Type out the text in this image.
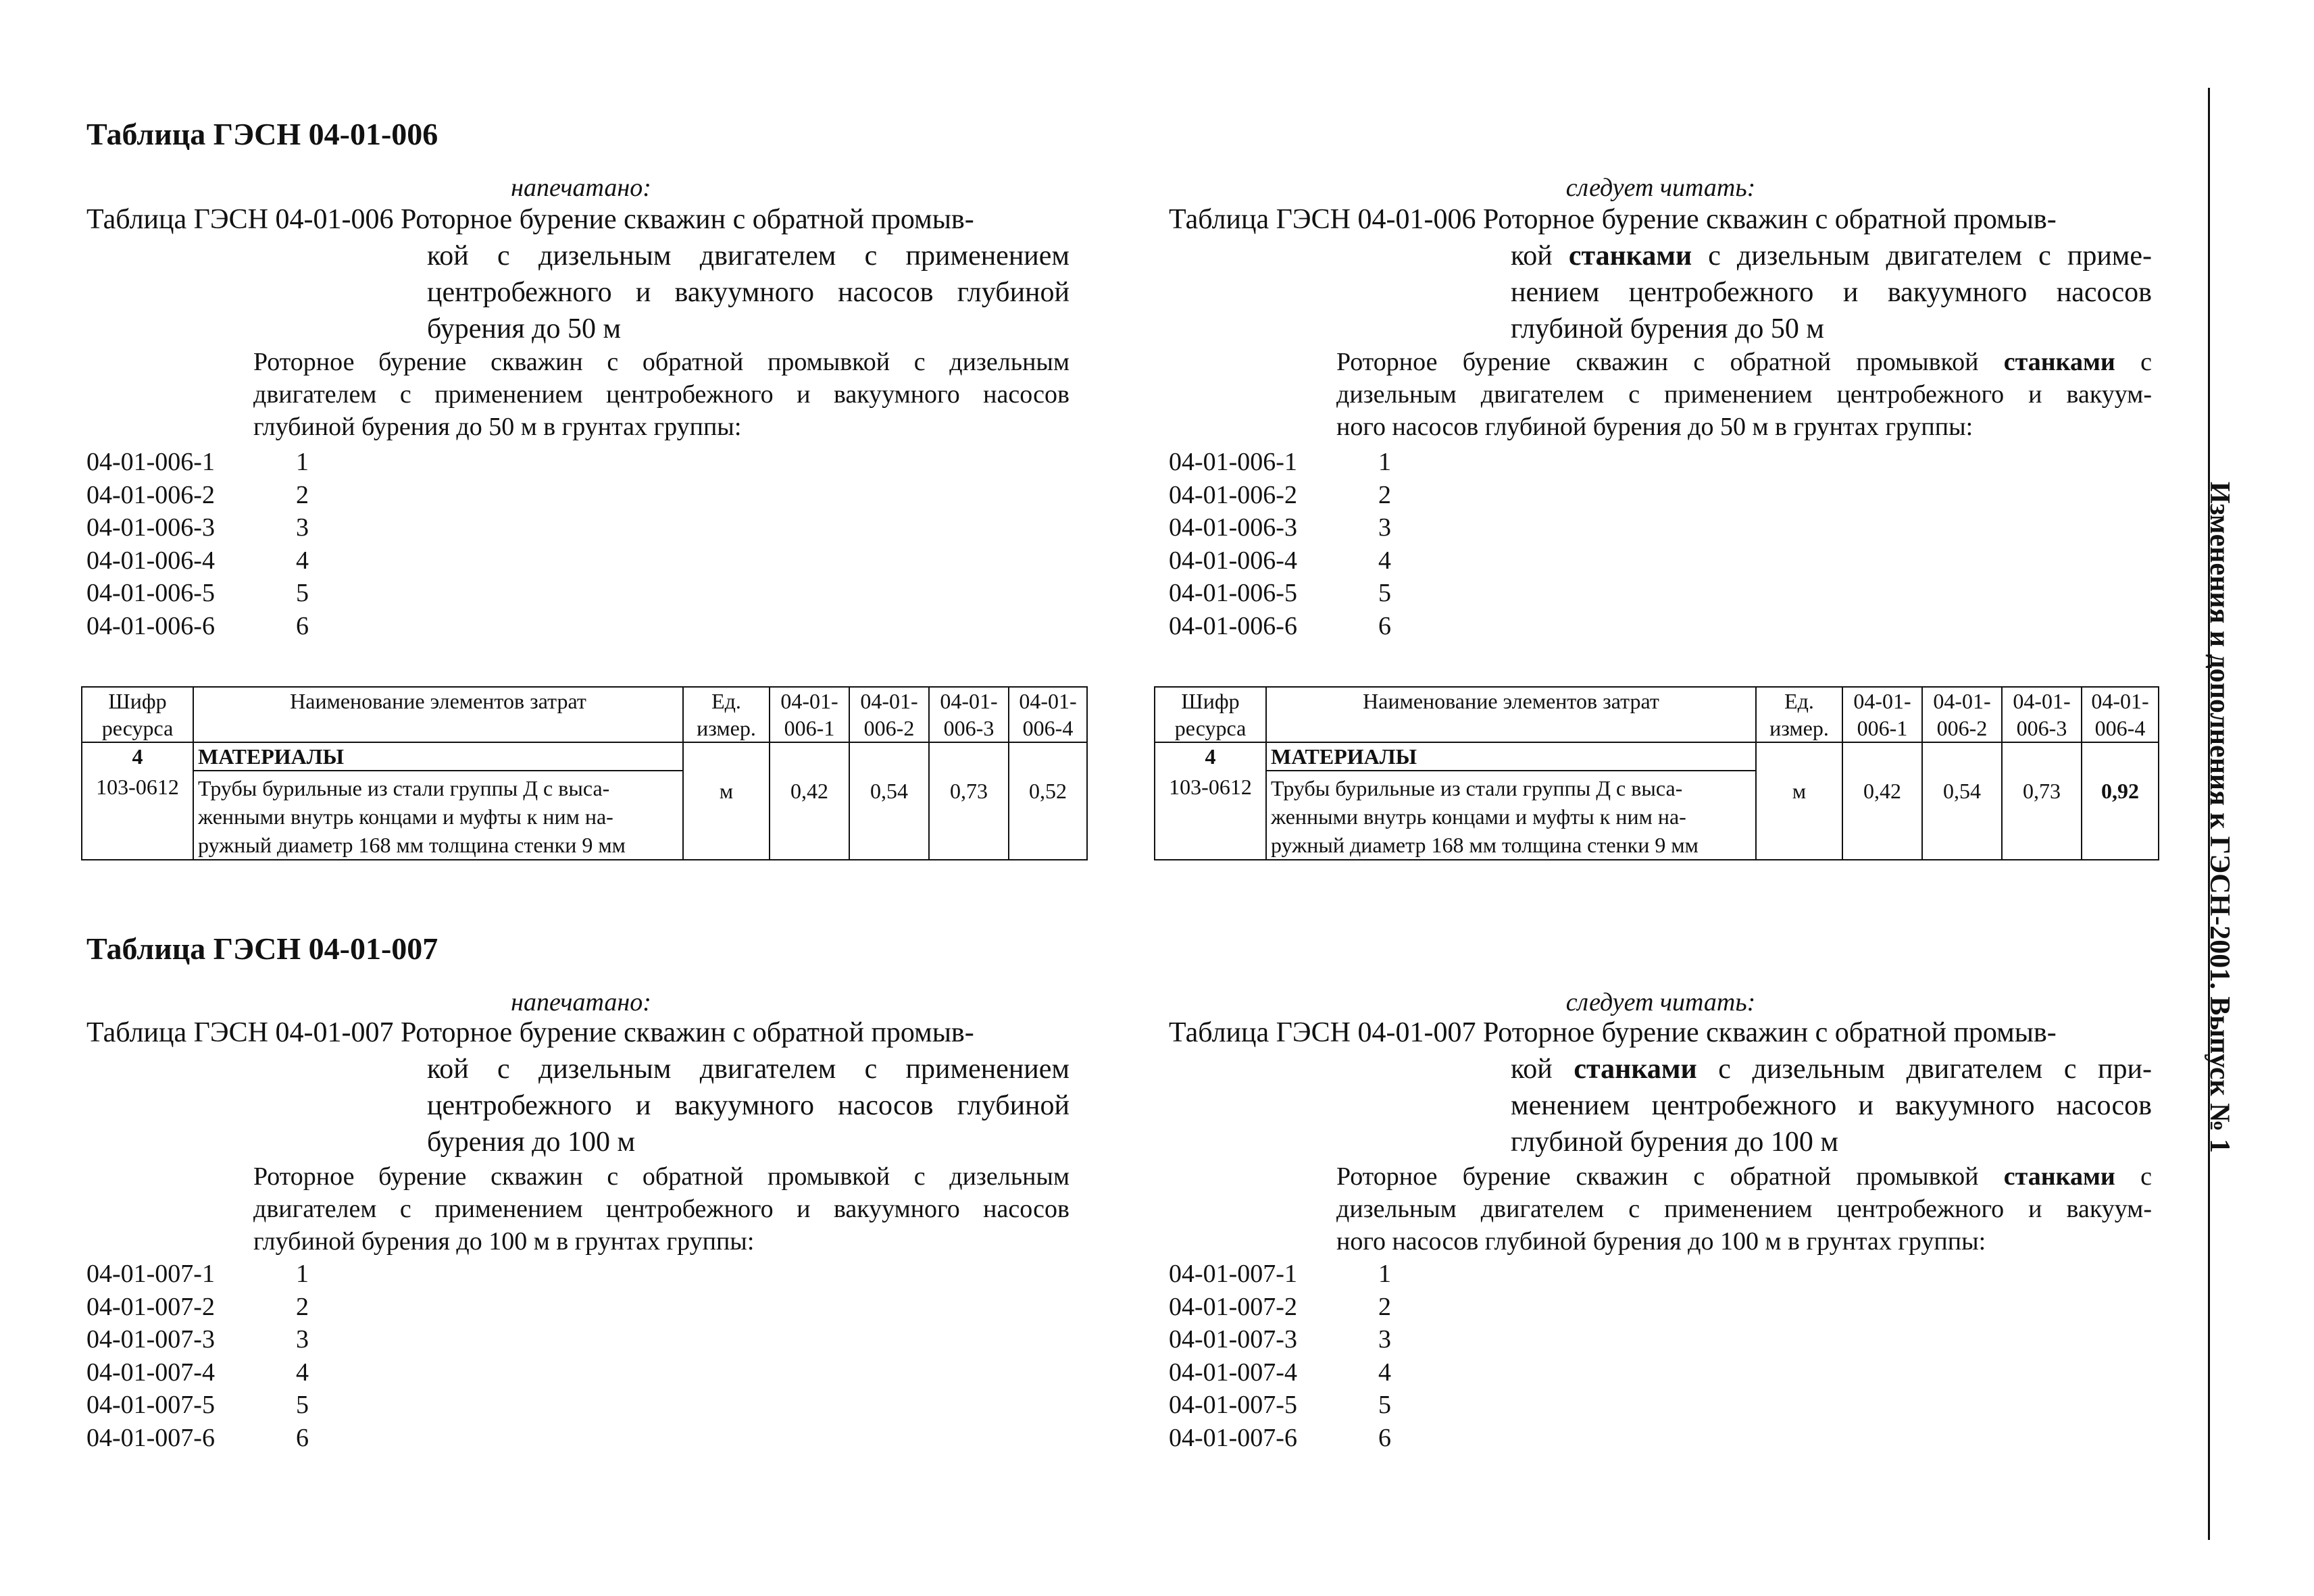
Таблица ГЭСН 04-01-006
напечатано:
Таблица ГЭСН 04-01-006 Роторное бурение скважин с обратной промыв-
кой с дизельным двигателем с применением
центробежного и вакуумного насосов глубиной
бурения до 50 м
Роторное бурение скважин с обратной промывкой с дизельным
двигателем с применением центробежного и вакуумного насосов
глубиной бурения до 50 м в грунтах группы:
04-01-006-1	1
04-01-006-2	2
04-01-006-3	3
04-01-006-4	4
04-01-006-5	5
04-01-006-6	6
Шифр	Наименование элементов затрат	Ед.	04-01-	04-01-	04-01-	04-01-
ресурса		измер.	006-1	006-2	006-3	006-4
4	МАТЕРИАЛЫ					
103-0612	Трубы бурильные из стали группы Д с выса-
женными внутрь концами и муфты к ним на-
ружный диаметр 168 мм толщина стенки 9 мм	м	0,42	0,54	0,73	0,52
следует читать:
Таблица ГЭСН 04-01-006 Роторное бурение скважин с обратной промыв-
кой станками с дизельным двигателем с приме-
нением центробежного и вакуумного насосов
глубиной бурения до 50 м
Роторное бурение скважин с обратной промывкой станками с
дизельным двигателем с применением центробежного и вакуум-
ного насосов глубиной бурения до 50 м в грунтах группы:
04-01-006-1	1
04-01-006-2	2
04-01-006-3	3
04-01-006-4	4
04-01-006-5	5
04-01-006-6	6
Шифр	Наименование элементов затрат	Ед.	04-01-	04-01-	04-01-	04-01-
ресурса		измер.	006-1	006-2	006-3	006-4
4	МАТЕРИАЛЫ					
103-0612	Трубы бурильные из стали группы Д с выса-
женными внутрь концами и муфты к ним на-
ружный диаметр 168 мм толщина стенки 9 мм	м	0,42	0,54	0,73	0,92
Таблица ГЭСН 04-01-007
напечатано:
Таблица ГЭСН 04-01-007 Роторное бурение скважин с обратной промыв-
кой с дизельным двигателем с применением
центробежного и вакуумного насосов глубиной
бурения до 100 м
Роторное бурение скважин с обратной промывкой с дизельным
двигателем с применением центробежного и вакуумного насосов
глубиной бурения до 100 м в грунтах группы:
04-01-007-1	1
04-01-007-2	2
04-01-007-3	3
04-01-007-4	4
04-01-007-5	5
04-01-007-6	6
следует читать:
Таблица ГЭСН 04-01-007 Роторное бурение скважин с обратной промыв-
кой станками с дизельным двигателем с при-
менением центробежного и вакуумного насосов
глубиной бурения до 100 м
Роторное бурение скважин с обратной промывкой станками с
дизельным двигателем с применением центробежного и вакуум-
ного насосов глубиной бурения до 100 м в грунтах группы:
04-01-007-1	1
04-01-007-2	2
04-01-007-3	3
04-01-007-4	4
04-01-007-5	5
04-01-007-6	6
Изменения и дополнения к ГЭСН-2001. Выпуск № 1
